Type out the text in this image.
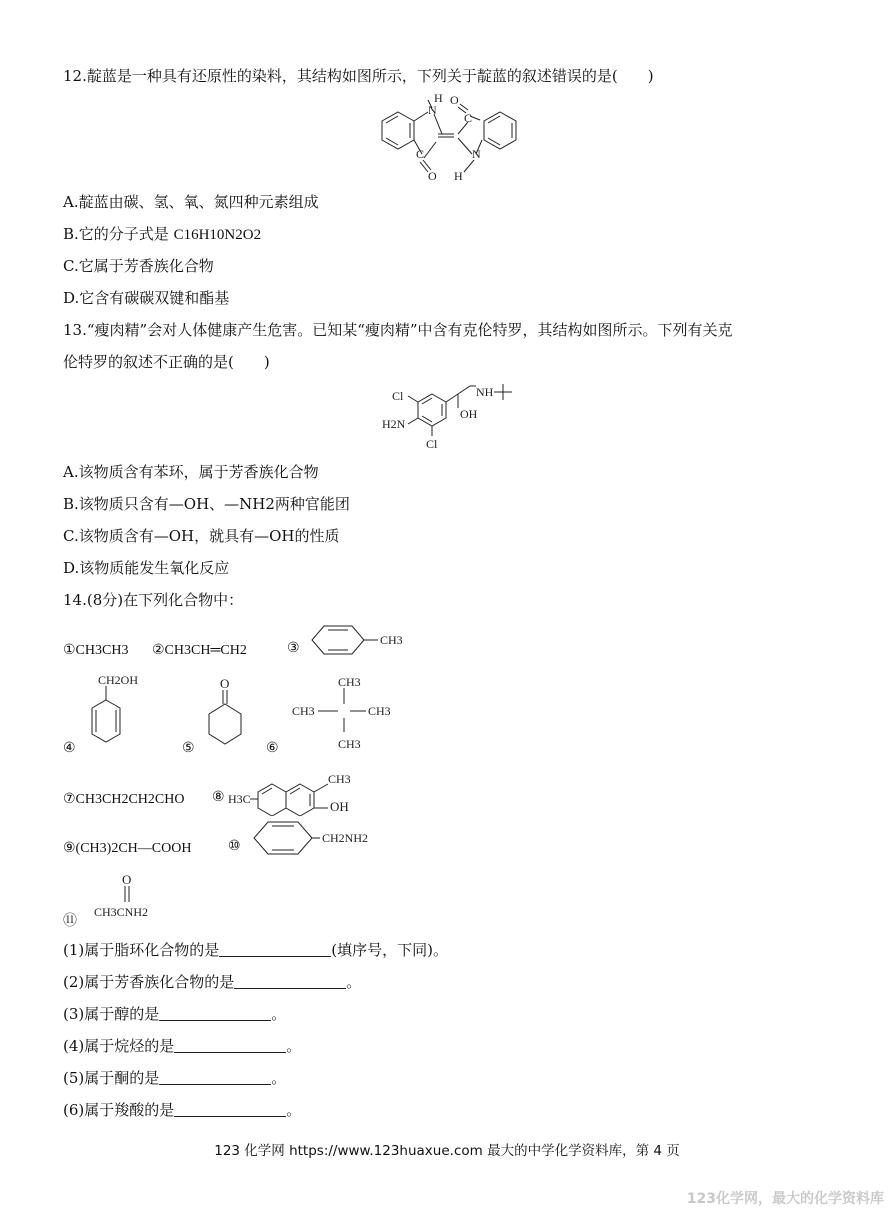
12.靛蓝是一种具有还原性的染料，其结构如图所示，下列关于靛蓝的叙述错误的是(　　)
H
N
O
C
C	N
O H
A.靛蓝由碳、氢、氧、氮四种元素组成
B.它的分子式是 C16H10N2O2
C.它属于芳香族化合物
D.它含有碳碳双键和酯基
13.“瘦肉精”会对人体健康产生危害。已知某“瘦肉精”中含有克伦特罗，其结构如图所示。下列有关克
伦特罗的叙述不正确的是(　　)
Cl
H2N
Cl
NH
OH
A.该物质含有苯环，属于芳香族化合物
B.该物质只含有—OH、—NH2两种官能团
C.该物质含有—OH，就具有—OH的性质
D.该物质能发生氧化反应
14.(8分)在下列化合物中：
①CH3CH3 ②CH3CH═CH2	③
CH3
④
CH2OH
⑤
O
⑥
CH3
CH3	CH3
CH3
⑦CH3CH2CH2CHO ⑧ H3C
CH3
OH
⑨(CH3)2CH—COOH	⑩
CH2NH2
⑪
O
CH3CNH2
(1)属于脂环化合物的是	(填序号，下同)。
(2)属于芳香族化合物的是	。
(3)属于醇的是	。
(4)属于烷烃的是	。
(5)属于酮的是	。
(6)属于羧酸的是	。
123 化学网 https://www.123huaxue.com 最大的中学化学资料库，第 4 页
123化学网，最大的化学资料库
